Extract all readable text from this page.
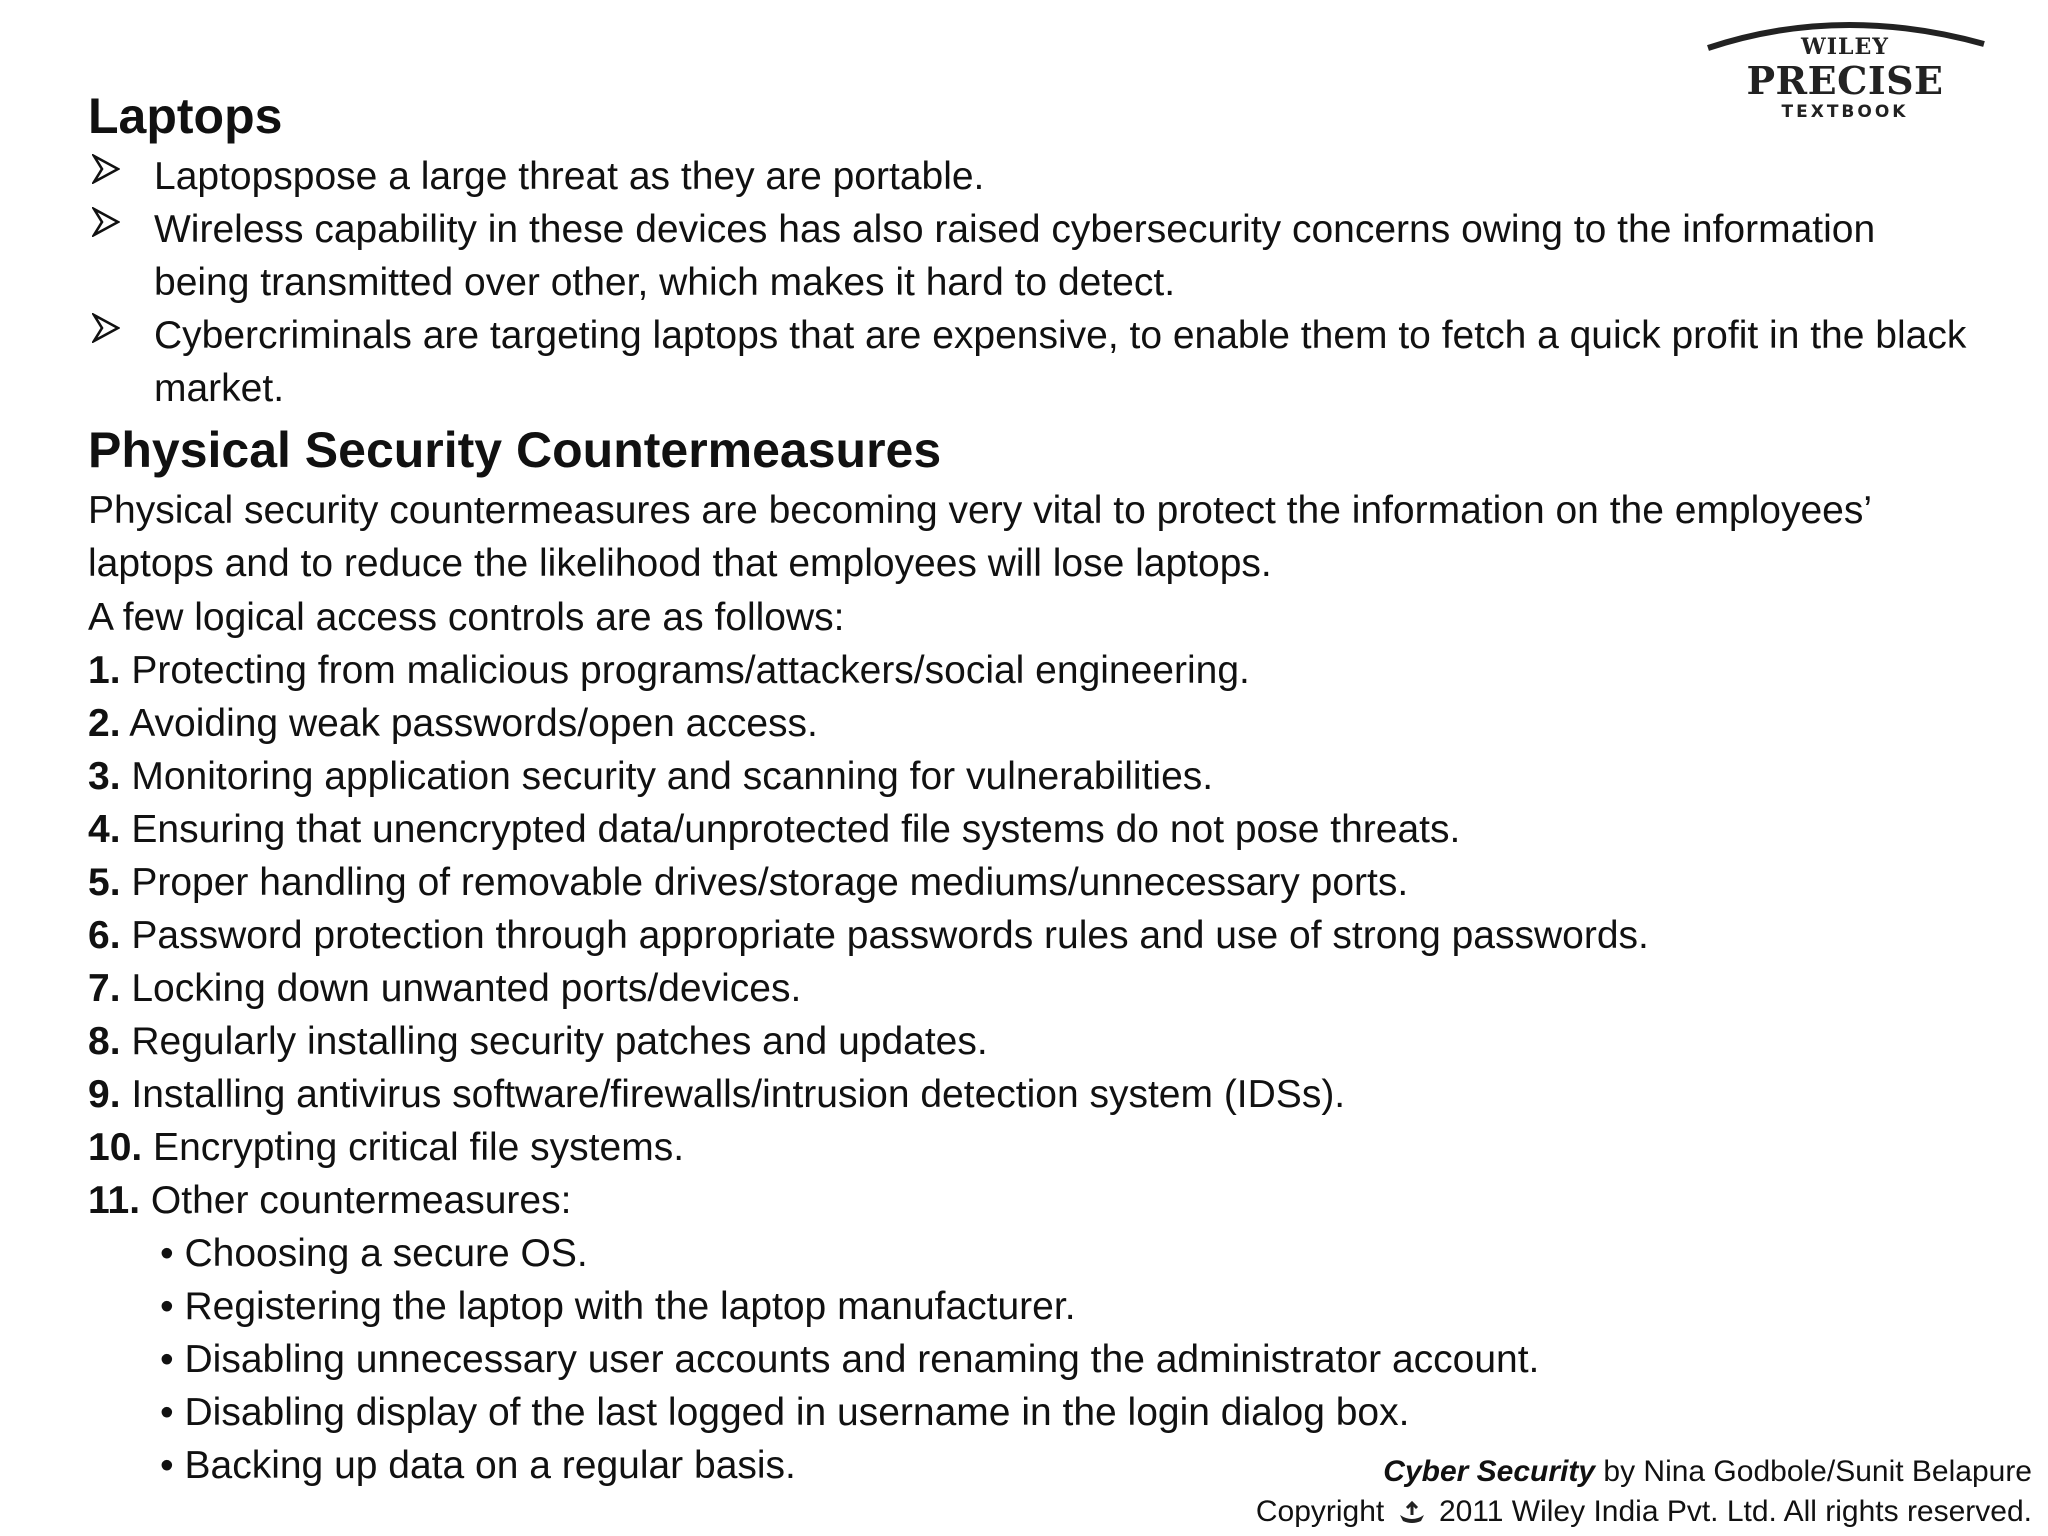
WILEY
PRECISE
TEXTBOOK
Laptops
Laptopspose a large threat as they are portable.
Wireless capability in these devices has also raised cybersecurity concerns owing to the information being transmitted over other, which makes it hard to detect.
Cybercriminals are targeting laptops that are expensive, to enable them to fetch a quick profit in the black market.
Physical Security Countermeasures
Physical security countermeasures are becoming very vital to protect the information on the employees’ laptops and to reduce the likelihood that employees will lose laptops.
A few logical access controls are as follows:
1. Protecting from malicious programs/attackers/social engineering.
2. Avoiding weak passwords/open access.
3. Monitoring application security and scanning for vulnerabilities.
4. Ensuring that unencrypted data/unprotected file systems do not pose threats.
5. Proper handling of removable drives/storage mediums/unnecessary ports.
6. Password protection through appropriate passwords rules and use of strong passwords.
7. Locking down unwanted ports/devices.
8. Regularly installing security patches and updates.
9. Installing antivirus software/firewalls/intrusion detection system (IDSs).
10. Encrypting critical file systems.
11. Other countermeasures:
• Choosing a secure OS.
• Registering the laptop with the laptop manufacturer.
• Disabling unnecessary user accounts and renaming the administrator account.
• Disabling display of the last logged in username in the login dialog box.
• Backing up data on a regular basis.	Cyber Security by Nina Godbole/Sunit Belapure
Copyright 2011 Wiley India Pvt. Ltd. All rights reserved.
